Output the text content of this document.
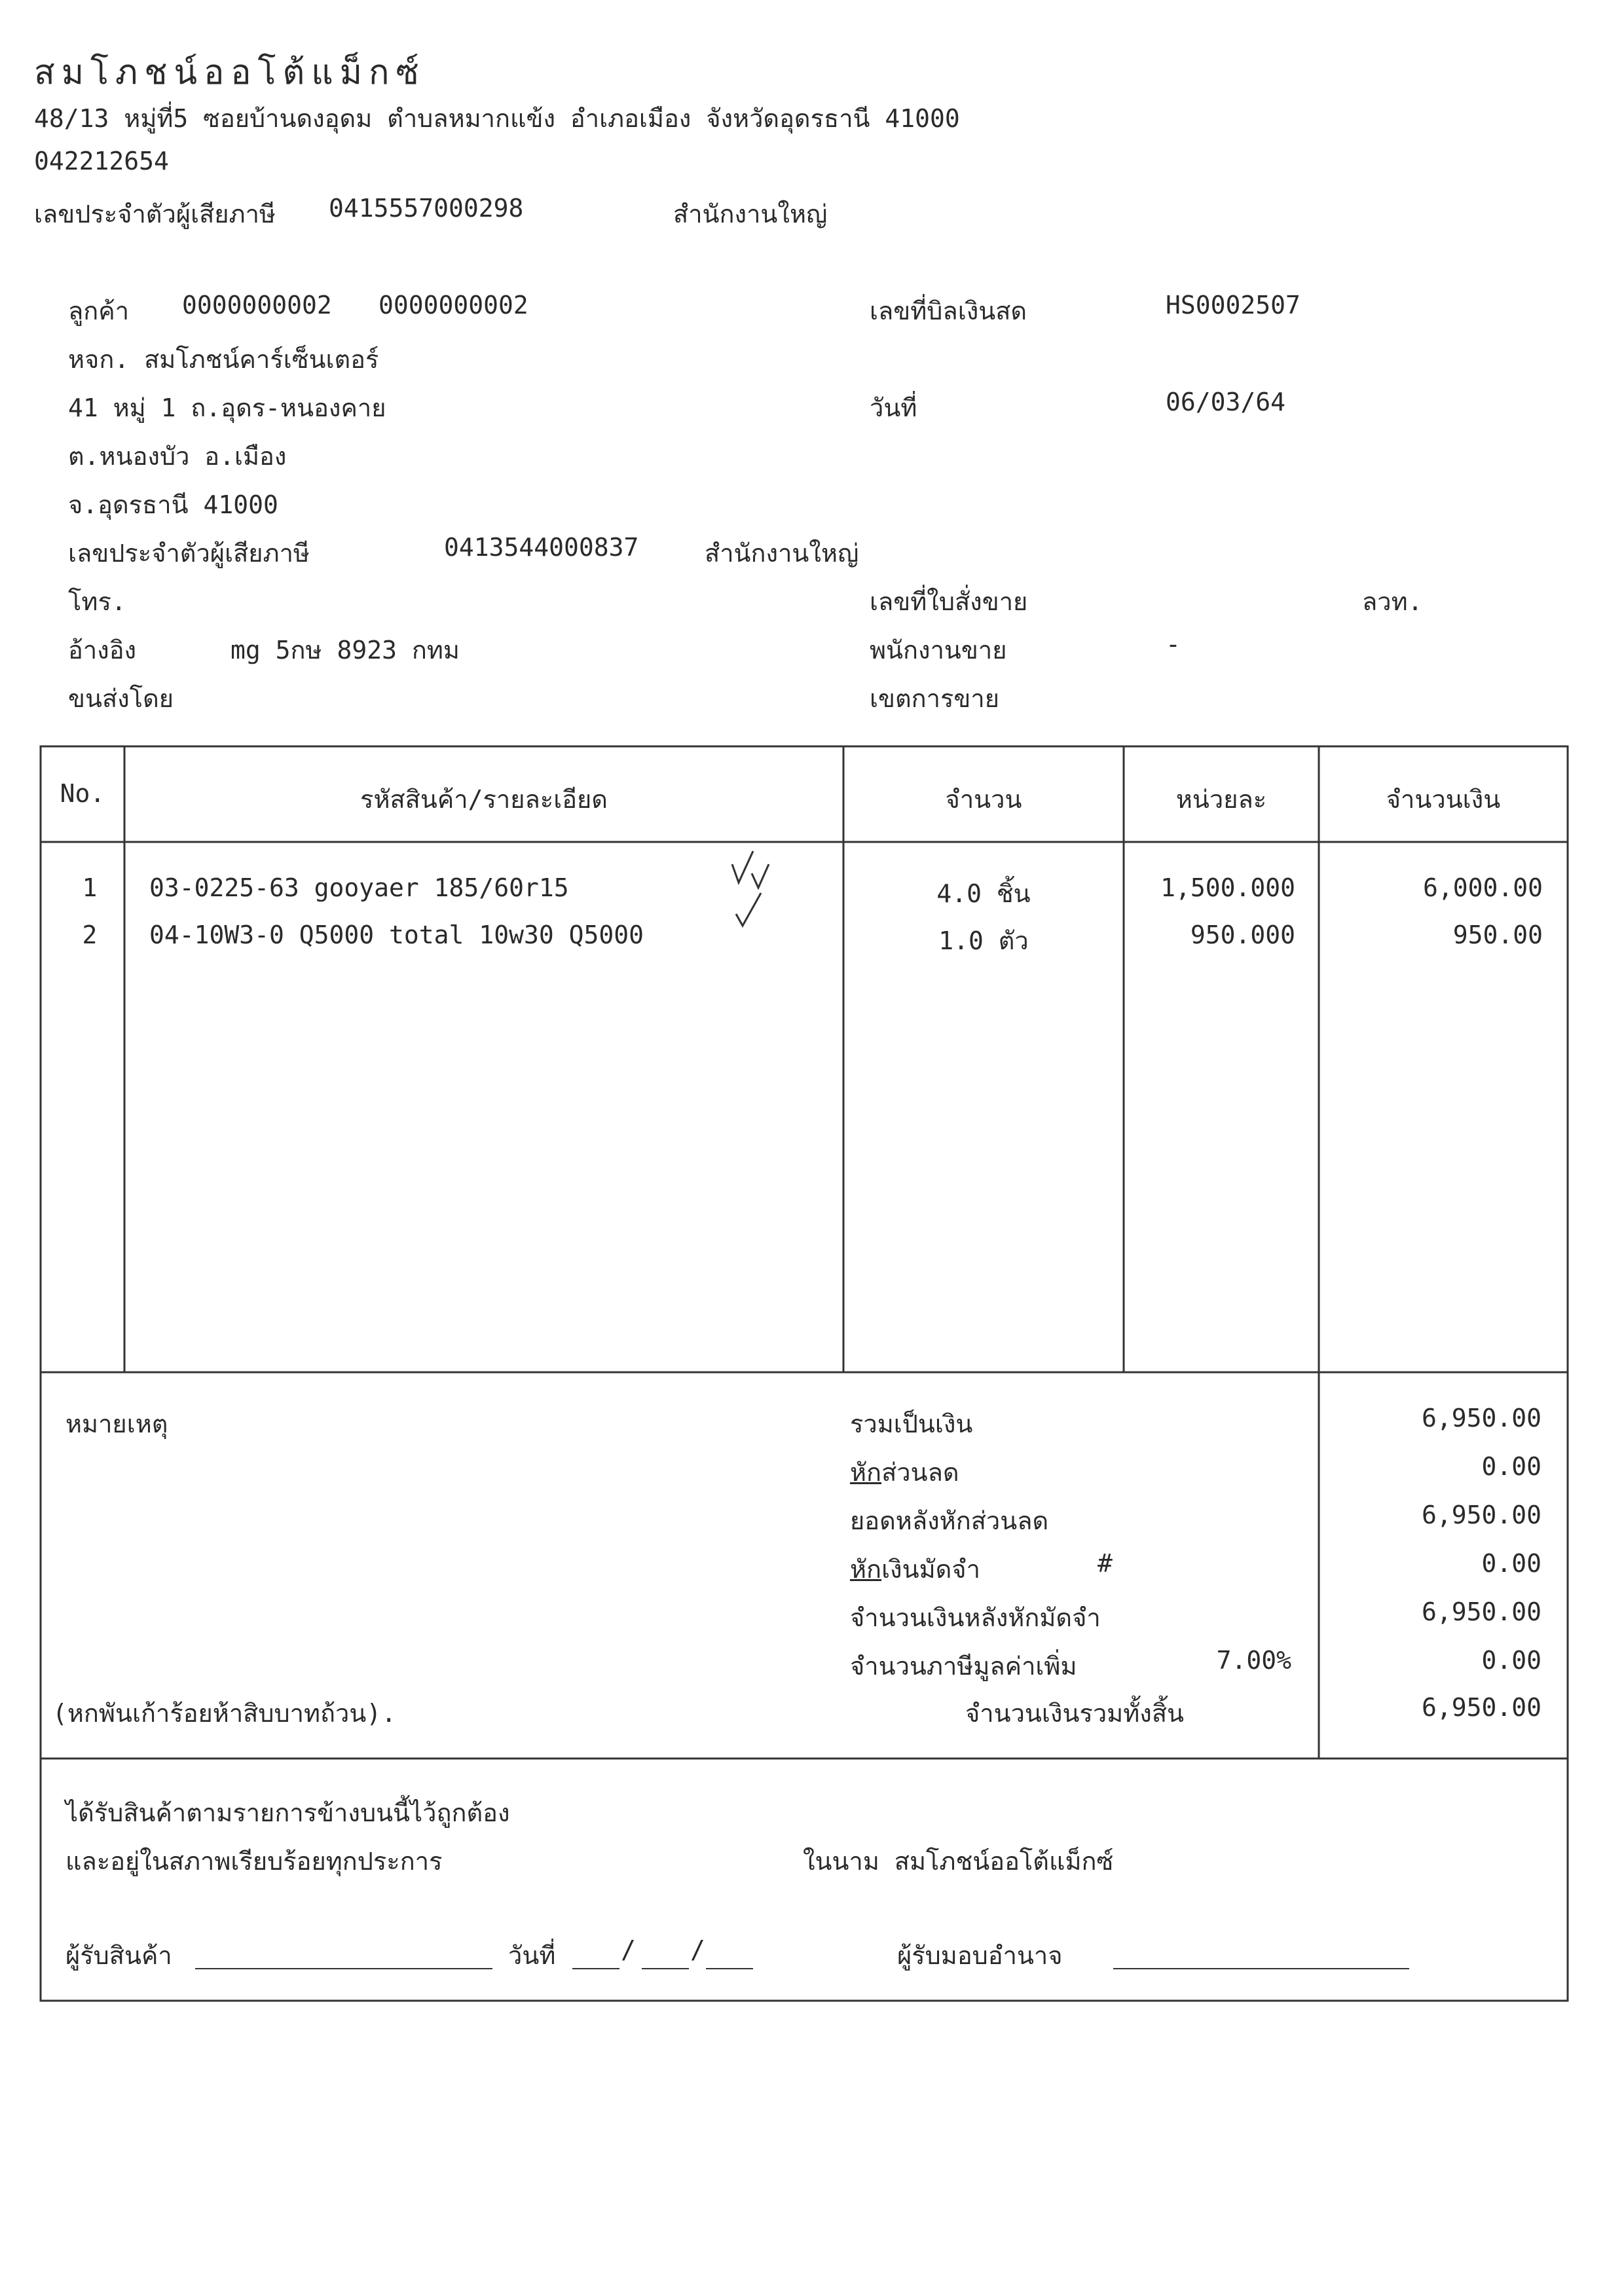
สมโภชน์ออโต้แม็กซ์
48/13 หมู่ที่5 ซอยบ้านดงอุดม ตำบลหมากแข้ง อำเภอเมือง จังหวัดอุดรธานี 41000
042212654
เลขประจำตัวผู้เสียภาษี 0415557000298	สำนักงานใหญ่
ลูกค้า 0000000002 0000000002
หจก. สมโภชน์คาร์เซ็นเตอร์
41 หมู่ 1 ถ.อุดร-หนองคาย
ต.หนองบัว อ.เมือง
จ.อุดรธานี 41000
เลขประจำตัวผู้เสียภาษี	0413544000837	สำนักงานใหญ่
โทร.
อ้างอิง	mg 5กษ 8923 กทม
ขนส่งโดย
เลขที่บิลเงินสด	HS0002507
วันที่	06/03/64
เลขที่ใบสั่งขาย	ลวท.
พนักงานขาย	-
เขตการขาย
No.	รหัสสินค้า/รายละเอียด	จำนวน	หน่วยละ	จำนวนเงิน
1	03-0225-63 gooyaer 185/60r15	4.0 ชิ้น	1,500.000	6,000.00
2	04-10W3-0 Q5000 total 10w30 Q5000	1.0 ตัว	950.000	950.00
หมายเหตุ
(หกพันเก้าร้อยห้าสิบบาทถ้วน).
รวมเป็นเงิน	6,950.00
หักส่วนลด	0.00
ยอดหลังหักส่วนลด	6,950.00
หักเงินมัดจำ	#	0.00
จำนวนเงินหลังหักมัดจำ	6,950.00
จำนวนภาษีมูลค่าเพิ่ม	7.00%	0.00
จำนวนเงินรวมทั้งสิ้น	6,950.00
ได้รับสินค้าตามรายการข้างบนนี้ไว้ถูกต้อง
และอยู่ในสภาพเรียบร้อยทุกประการ	ในนาม สมโภชน์ออโต้แม็กซ์
ผู้รับสินค้า	วันที่	/ /	ผู้รับมอบอำนาจ
